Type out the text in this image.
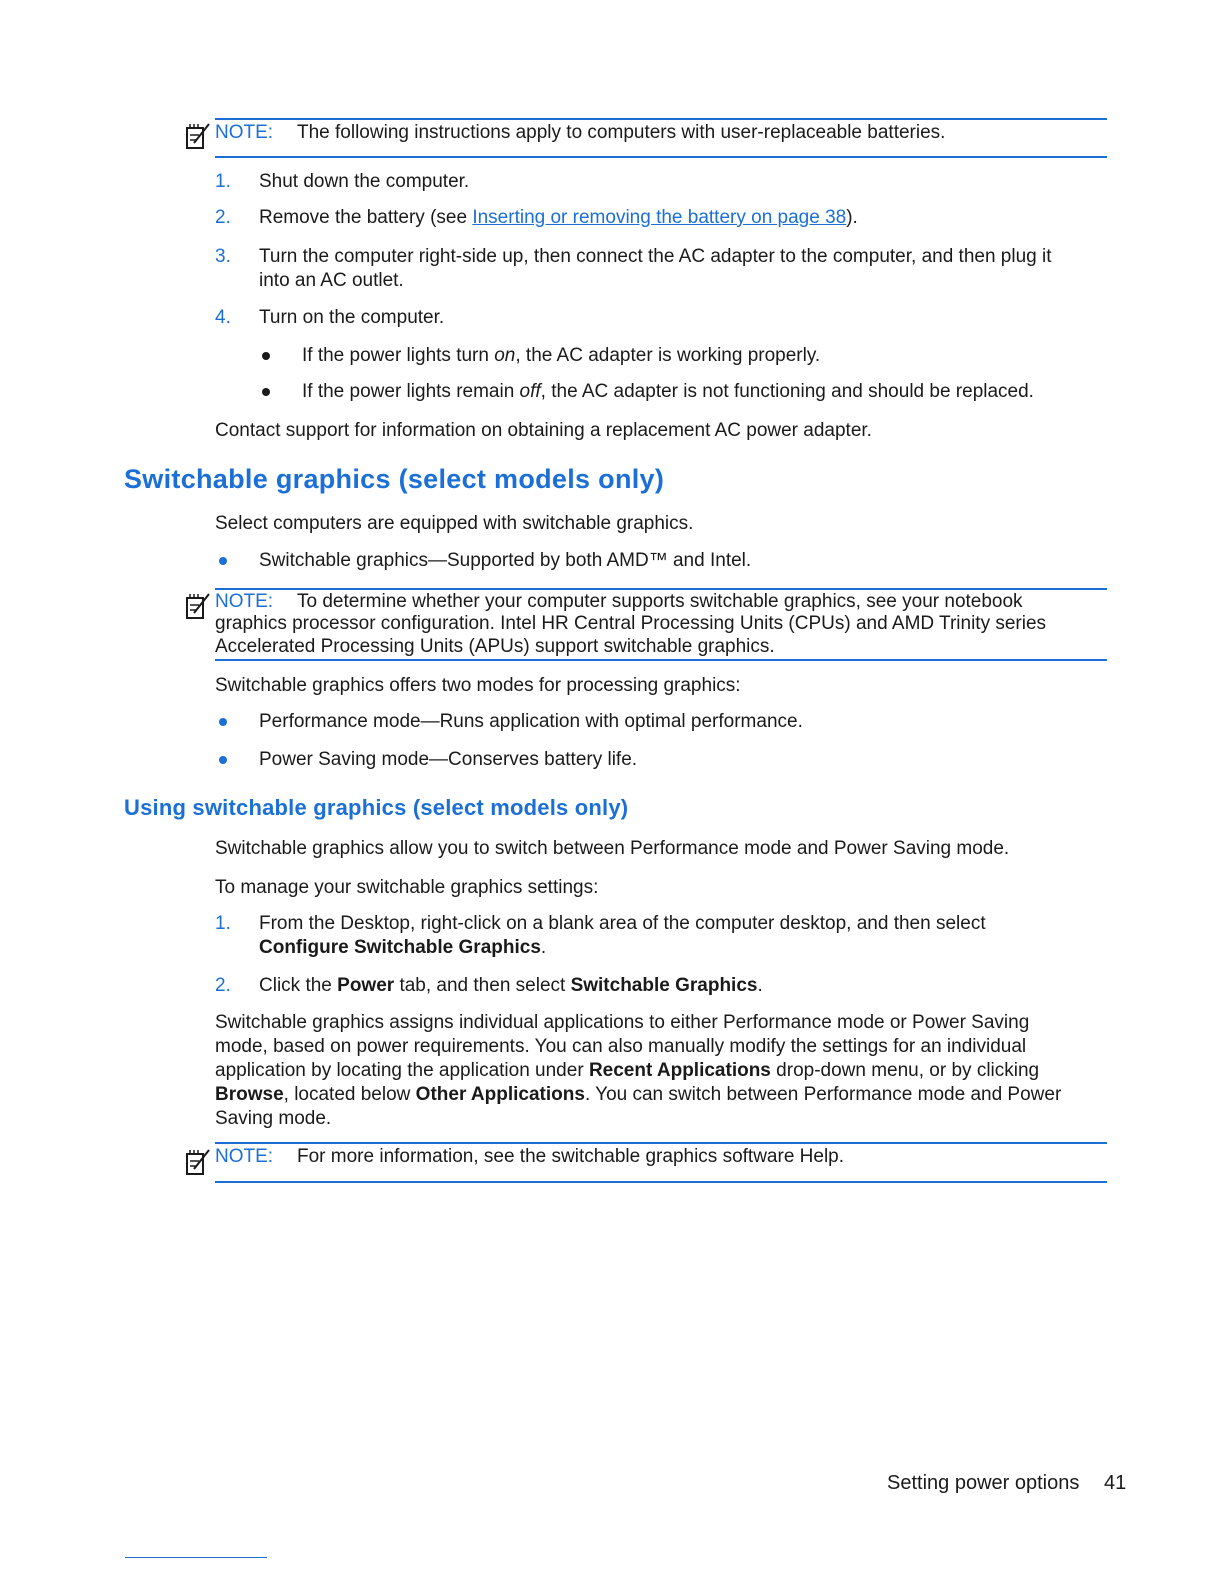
NOTE: The following instructions apply to computers with user-replaceable batteries.
1. Shut down the computer.
2. Remove the battery (see Inserting or removing the battery on page 38).
3. Turn the computer right-side up, then connect the AC adapter to the computer, and then plug it
into an AC outlet.
4. Turn on the computer.
If the power lights turn on, the AC adapter is working properly.
If the power lights remain off, the AC adapter is not functioning and should be replaced.
Contact support for information on obtaining a replacement AC power adapter.
Switchable graphics (select models only)
Select computers are equipped with switchable graphics.
Switchable graphics—Supported by both AMD™ and Intel.
NOTE: To determine whether your computer supports switchable graphics, see your notebook
graphics processor configuration. Intel HR Central Processing Units (CPUs) and AMD Trinity series
Accelerated Processing Units (APUs) support switchable graphics.
Switchable graphics offers two modes for processing graphics:
Performance mode—Runs application with optimal performance.
Power Saving mode—Conserves battery life.
Using switchable graphics (select models only)
Switchable graphics allow you to switch between Performance mode and Power Saving mode.
To manage your switchable graphics settings:
1. From the Desktop, right-click on a blank area of the computer desktop, and then select
Configure Switchable Graphics.
2. Click the Power tab, and then select Switchable Graphics.
Switchable graphics assigns individual applications to either Performance mode or Power Saving
mode, based on power requirements. You can also manually modify the settings for an individual
application by locating the application under Recent Applications drop-down menu, or by clicking
Browse, located below Other Applications. You can switch between Performance mode and Power
Saving mode.
NOTE: For more information, see the switchable graphics software Help.
Setting power options 41
